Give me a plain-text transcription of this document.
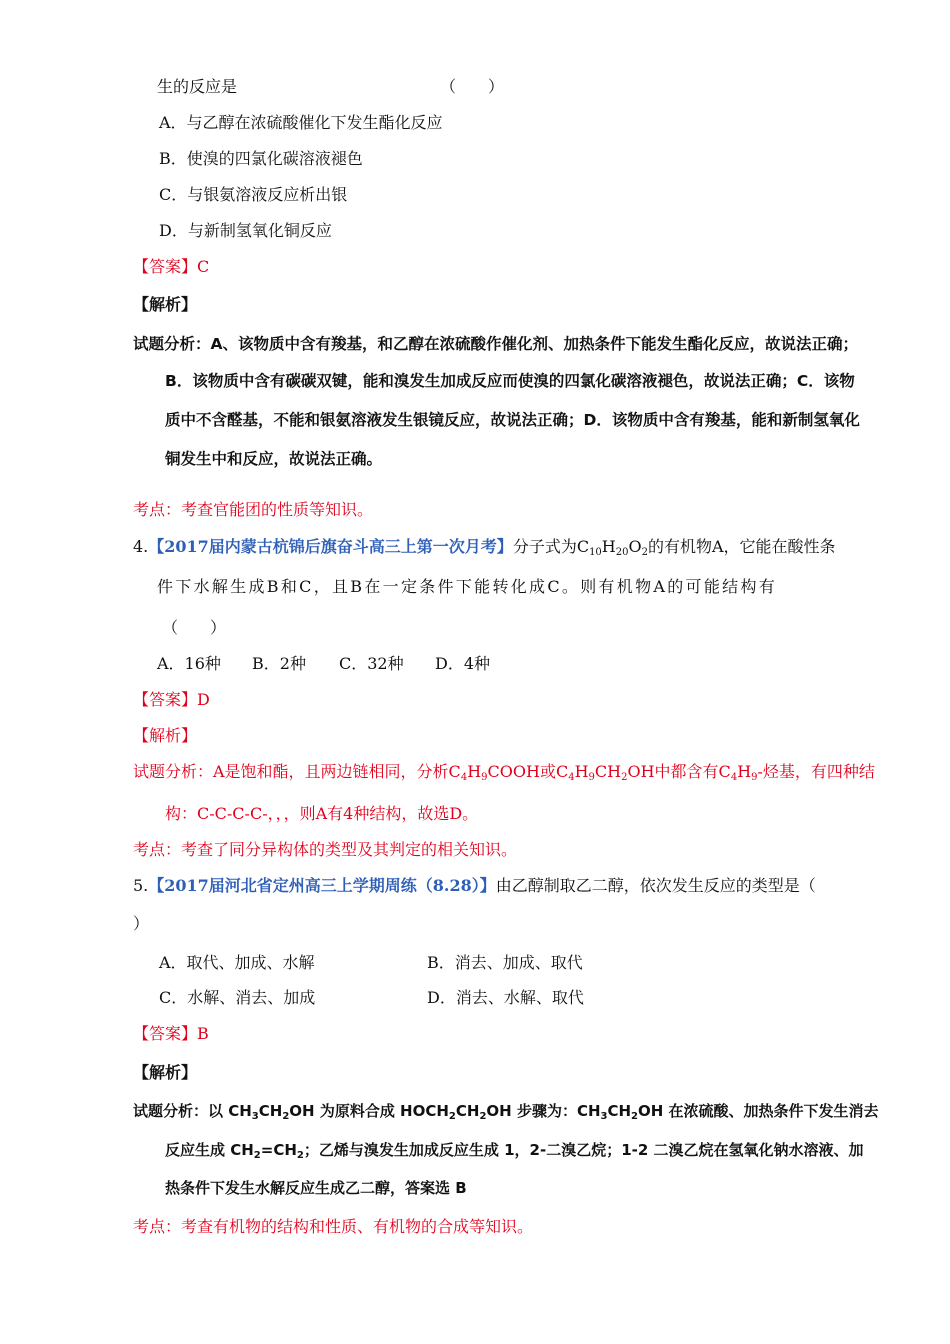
生的反应是	（　　）
A．与乙醇在浓硫酸催化下发生酯化反应
B．使溴的四氯化碳溶液褪色
C．与银氨溶液反应析出银
D．与新制氢氧化铜反应
【答案】C
【解析】
试题分析：A、该物质中含有羧基，和乙醇在浓硫酸作催化剂、加热条件下能发生酯化反应，故说法正确；
B．该物质中含有碳碳双键，能和溴发生加成反应而使溴的四氯化碳溶液褪色，故说法正确；C．该物
质中不含醛基，不能和银氨溶液发生银镜反应，故说法正确；D．该物质中含有羧基，能和新制氢氧化
铜发生中和反应，故说法正确。
考点：考查官能团的性质等知识。
4.【2017届内蒙古杭锦后旗奋斗高三上第一次月考】分子式为$C_{10}H_{20}O_2$的有机物A，它能在酸性条
件下水解生成B和C，且B在一定条件下能转化成C。则有机物A的可能结构有
（　　）
A．16种 B．2种 C．32种 D．4种
【答案】D
【解析】
试题分析：A是饱和酯，且两边链相同，分析$C_4H_9COOH$或$C_4H_9CH_2OH$中都含有$C_4H_9-$烃基，有四种结
构：C-C-C-C-，，，则A有4种结构，故选D。
考点：考查了同分异构体的类型及其判定的相关知识。
5.【2017届河北省定州高三上学期周练（8.28）】由乙醇制取乙二醇，依次发生反应的类型是（
）
A．取代、加成、水解	B．消去、加成、取代
C．水解、消去、加成	D．消去、水解、取代
【答案】B
【解析】
试题分析：以 $CH_3CH_2OH$ 为原料合成 $HOCH_2CH_2OH$ 步骤为：$CH_3CH_2OH$ 在浓硫酸、加热条件下发生消去
反应生成 $CH_2=CH_2$；乙烯与溴发生加成反应生成 1，2-二溴乙烷；1-2 二溴乙烷在氢氧化钠水溶液、加
热条件下发生水解反应生成乙二醇，答案选 B
考点：考查有机物的结构和性质、有机物的合成等知识。
